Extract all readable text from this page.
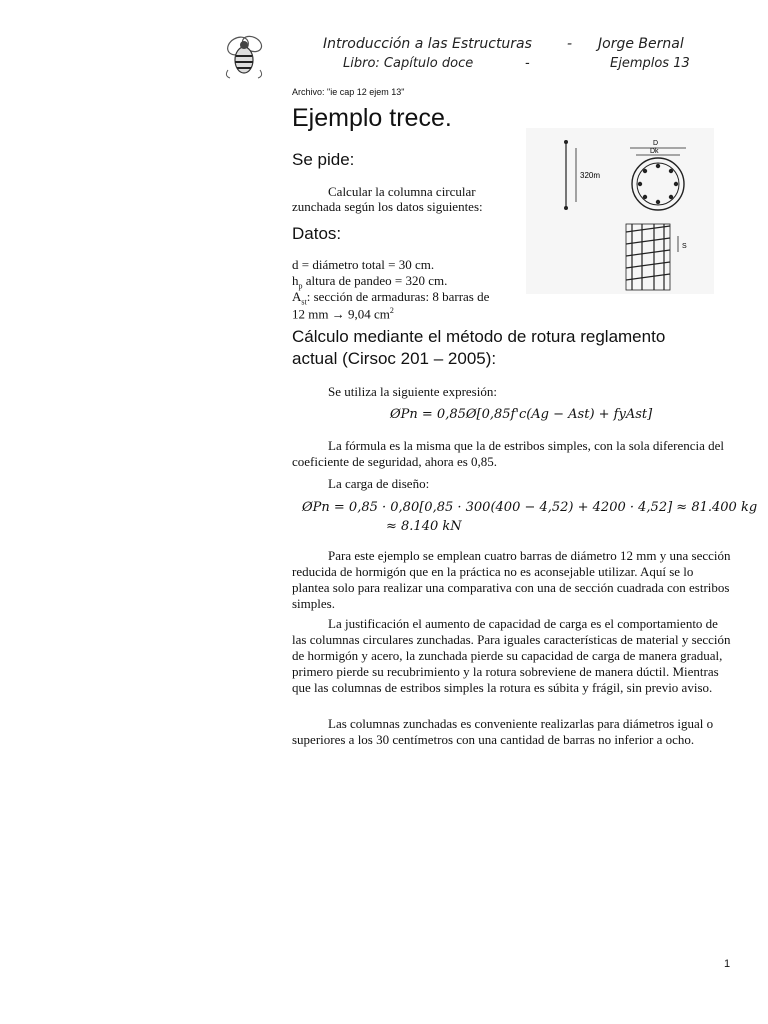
Introducción a las Estructuras	- Jorge Bernal
Libro: Capítulo doce	-	Ejemplos 13
Archivo: "ie cap 12 ejem 13"
Ejemplo trece.
Se pide:
Calcular la columna circular
zunchada según los datos siguientes:
Datos:
d = diámetro total = 30 cm.
$h_p$ altura de pandeo = 320 cm.
$A_{st}$: sección de armaduras: 8 barras de
12 mm → 9,04 $cm^2$
320m
D
Dk
S
Cálculo mediante el método de rotura reglamento
actual (Cirsoc 201 – 2005):
Se utiliza la siguiente expresión:
ØPn = 0,85Ø[0,85f'c(Ag − Ast) + fyAst]

La fórmula es la misma que la de estribos simples, con la sola diferencia del coeficiente de seguridad, ahora es 0,85.

La carga de diseño:

ØPn = 0,85 · 0,80[0,85 · 300(400 − 4,52) + 4200 · 4,52] ≈ 81.400 kg
≈ 8.140 kN

Para este ejemplo se emplean cuatro barras de diámetro 12 mm y una sección reducida de hormigón que en la práctica no es aconsejable utilizar. Aquí se lo plantea solo para realizar una comparativa con una de sección cuadrada con estribos simples.

La justificación el aumento de capacidad de carga es el comportamiento de las columnas circulares zunchadas. Para iguales características de material y sección de hormigón y acero, la zunchada pierde su capacidad de carga de manera gradual, primero pierde su recubrimiento y la rotura sobreviene de manera dúctil. Mientras que las columnas de estribos simples la rotura es súbita y frágil, sin previo aviso.

Las columnas zunchadas es conveniente realizarlas para diámetros igual o superiores a los 30 centímetros con una cantidad de barras no inferior a ocho.

1
